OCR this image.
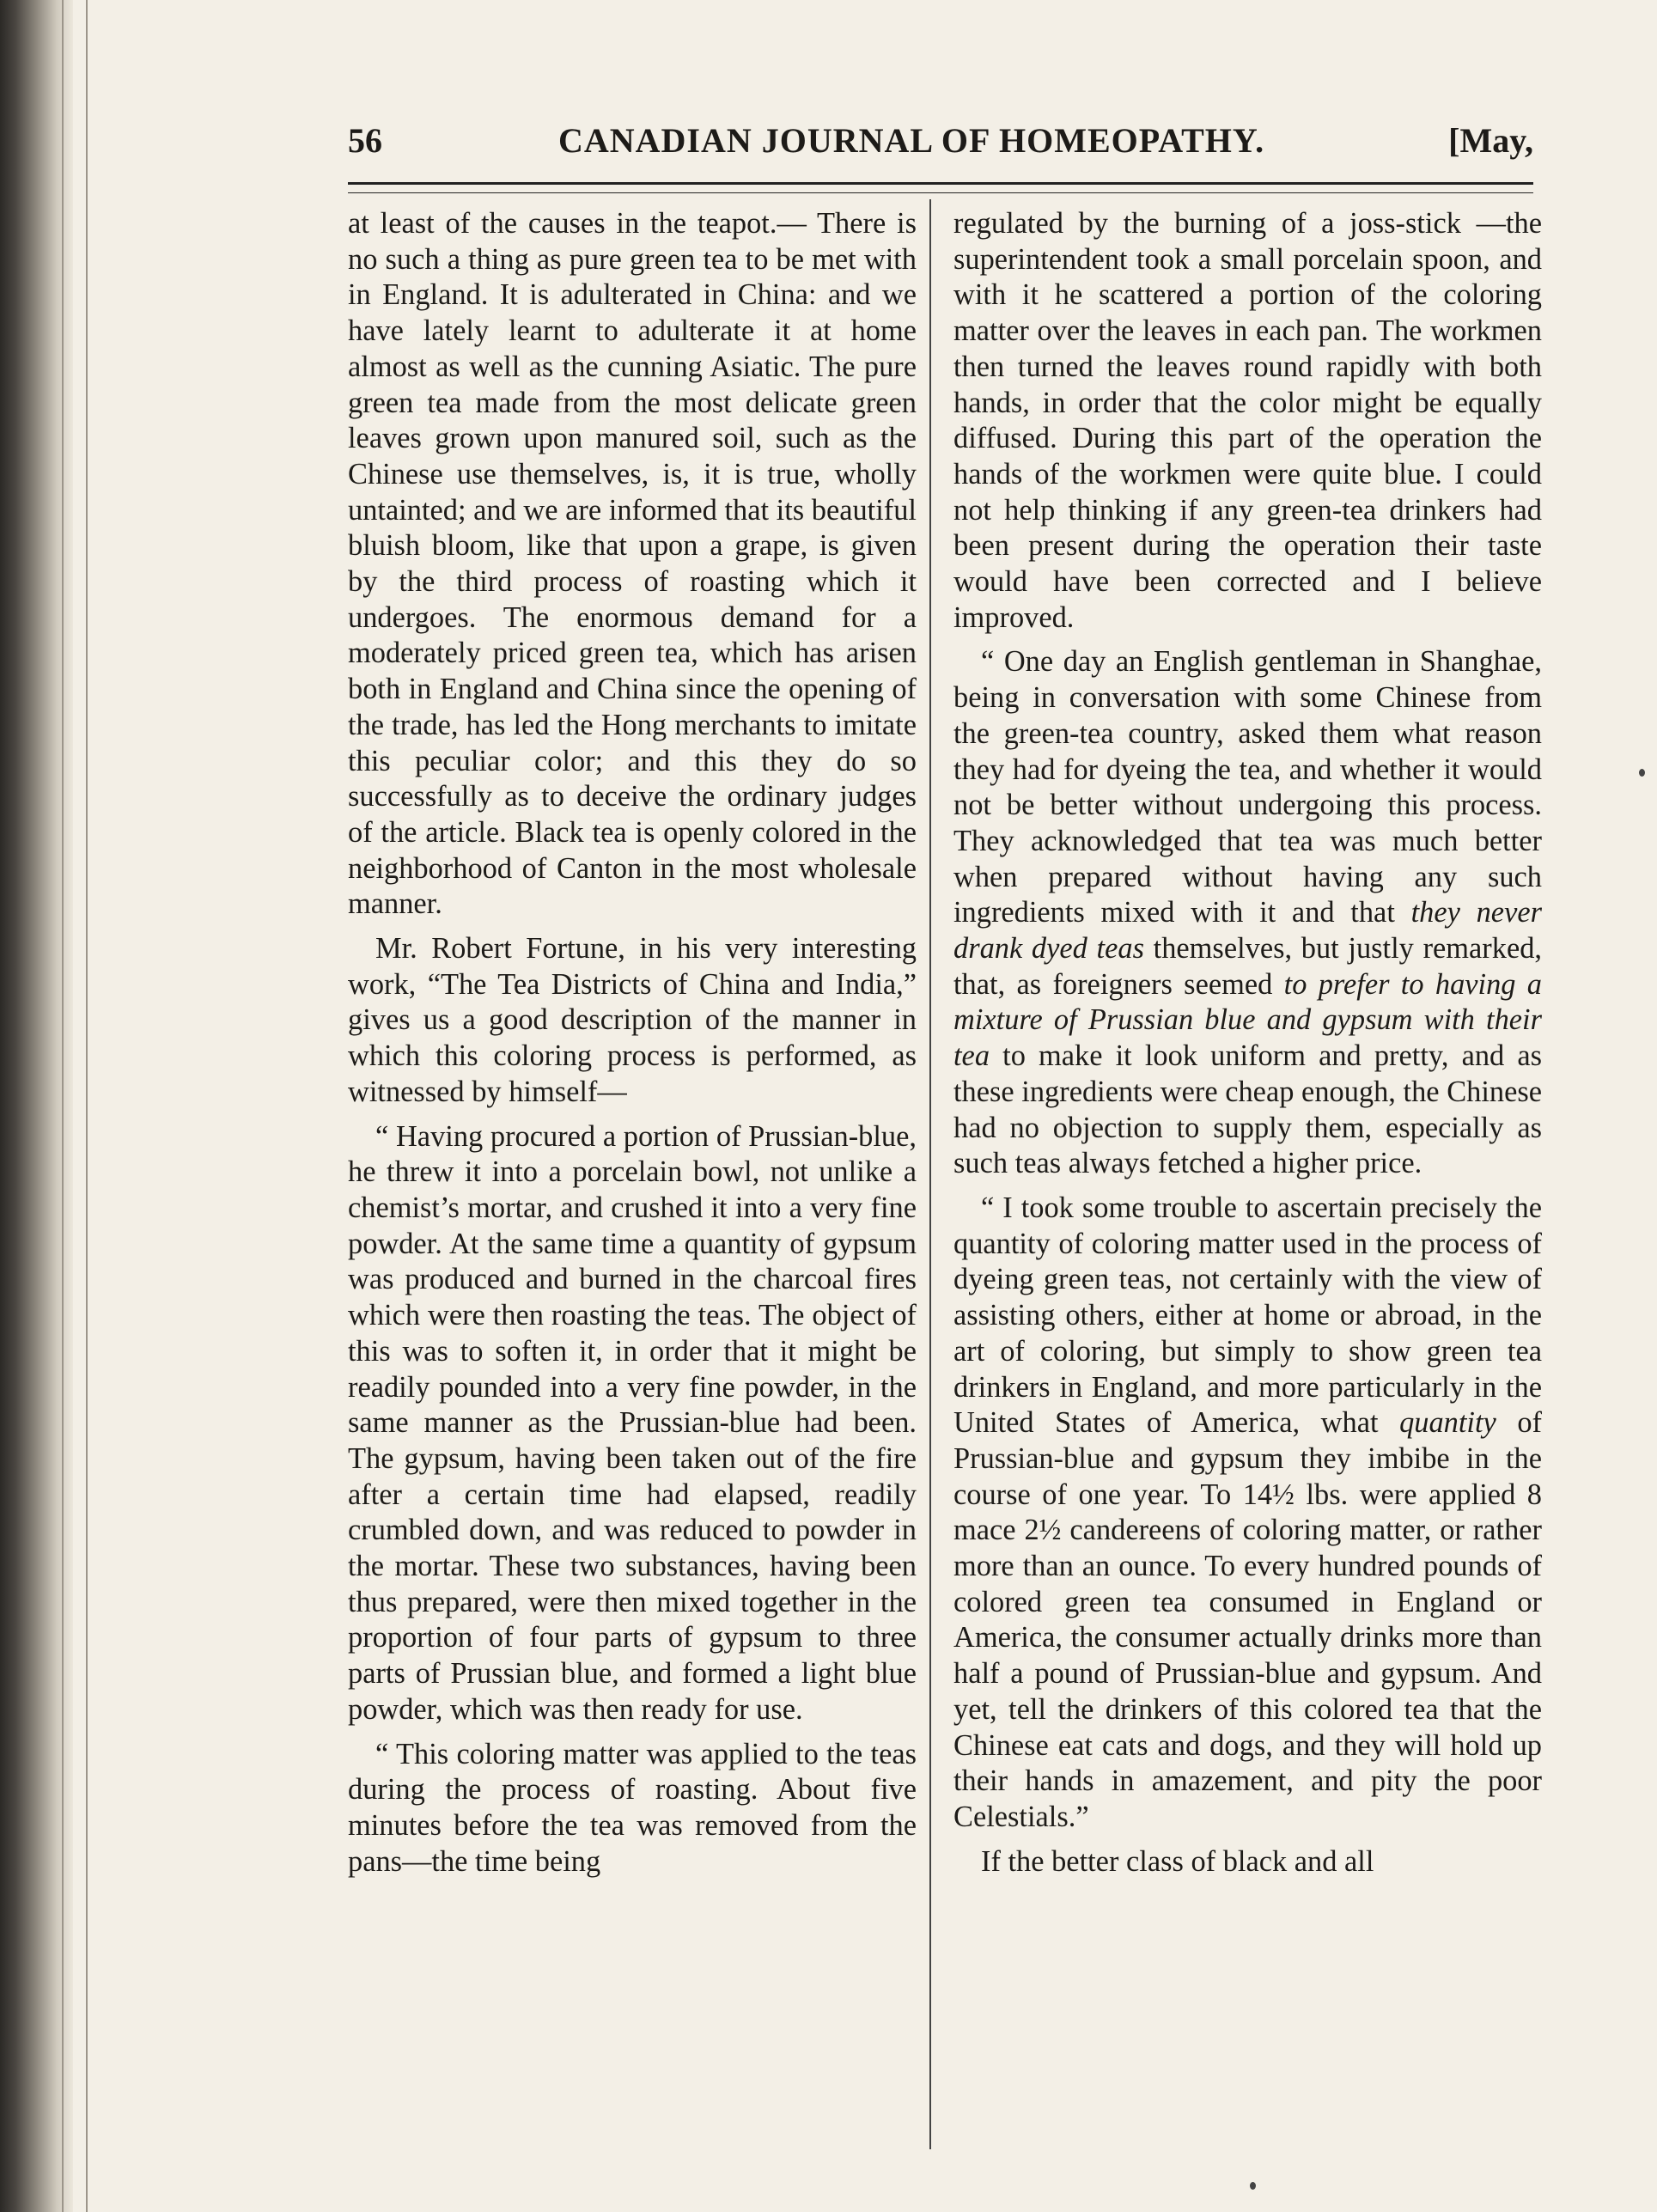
56	CANADIAN JOURNAL OF HOMEOPATHY.	[May,

at least of the causes in the teapot.— There is no such a thing as pure green tea to be met with in England. It is adulterated in China: and we have lately learnt to adulterate it at home almost as well as the cunning Asiatic. The pure green tea made from the most delicate green leaves grown upon manured soil, such as the Chinese use themselves, is, it is true, wholly untainted; and we are informed that its beautiful bluish bloom, like that upon a grape, is given by the third process of roasting which it undergoes. The enormous demand for a moderately priced green tea, which has arisen both in England and China since the opening of the trade, has led the Hong merchants to imitate this peculiar color; and this they do so successfully as to deceive the ordinary judges of the article. Black tea is openly colored in the neighborhood of Canton in the most wholesale manner.

Mr. Robert Fortune, in his very interesting work, “The Tea Districts of China and India,” gives us a good description of the manner in which this coloring process is performed, as witnessed by himself—

“ Having procured a portion of Prussian-blue, he threw it into a porcelain bowl, not unlike a chemist’s mortar, and crushed it into a very fine powder. At the same time a quantity of gypsum was produced and burned in the charcoal fires which were then roasting the teas. The object of this was to soften it, in order that it might be readily pounded into a very fine powder, in the same manner as the Prussian-blue had been. The gypsum, having been taken out of the fire after a certain time had elapsed, readily crumbled down, and was reduced to powder in the mortar. These two substances, having been thus prepared, were then mixed together in the proportion of four parts of gypsum to three parts of Prussian blue, and formed a light blue powder, which was then ready for use.

“ This coloring matter was applied to the teas during the process of roasting. About five minutes before the tea was removed from the pans—the time being

regulated by the burning of a joss-stick —the superintendent took a small porcelain spoon, and with it he scattered a portion of the coloring matter over the leaves in each pan. The workmen then turned the leaves round rapidly with both hands, in order that the color might be equally diffused. During this part of the operation the hands of the workmen were quite blue. I could not help thinking if any green-tea drinkers had been present during the operation their taste would have been corrected and I believe improved.

“ One day an English gentleman in Shanghae, being in conversation with some Chinese from the green-tea country, asked them what reason they had for dyeing the tea, and whether it would not be better without undergoing this process. They acknowledged that tea was much better when prepared without having any such ingredients mixed with it and that they never drank dyed teas themselves, but justly remarked, that, as foreigners seemed to prefer to having a mixture of Prussian blue and gypsum with their tea to make it look uniform and pretty, and as these ingredients were cheap enough, the Chinese had no objection to supply them, especially as such teas always fetched a higher price.

“ I took some trouble to ascertain precisely the quantity of coloring matter used in the process of dyeing green teas, not certainly with the view of assisting others, either at home or abroad, in the art of coloring, but simply to show green tea drinkers in England, and more particularly in the United States of America, what quantity of Prussian-blue and gypsum they imbibe in the course of one year. To 14½ lbs. were applied 8 mace 2½ candereens of coloring matter, or rather more than an ounce. To every hundred pounds of colored green tea consumed in England or America, the consumer actually drinks more than half a pound of Prussian-blue and gypsum. And yet, tell the drinkers of this colored tea that the Chinese eat cats and dogs, and they will hold up their hands in amazement, and pity the poor Celestials.”

If the better class of black and all
